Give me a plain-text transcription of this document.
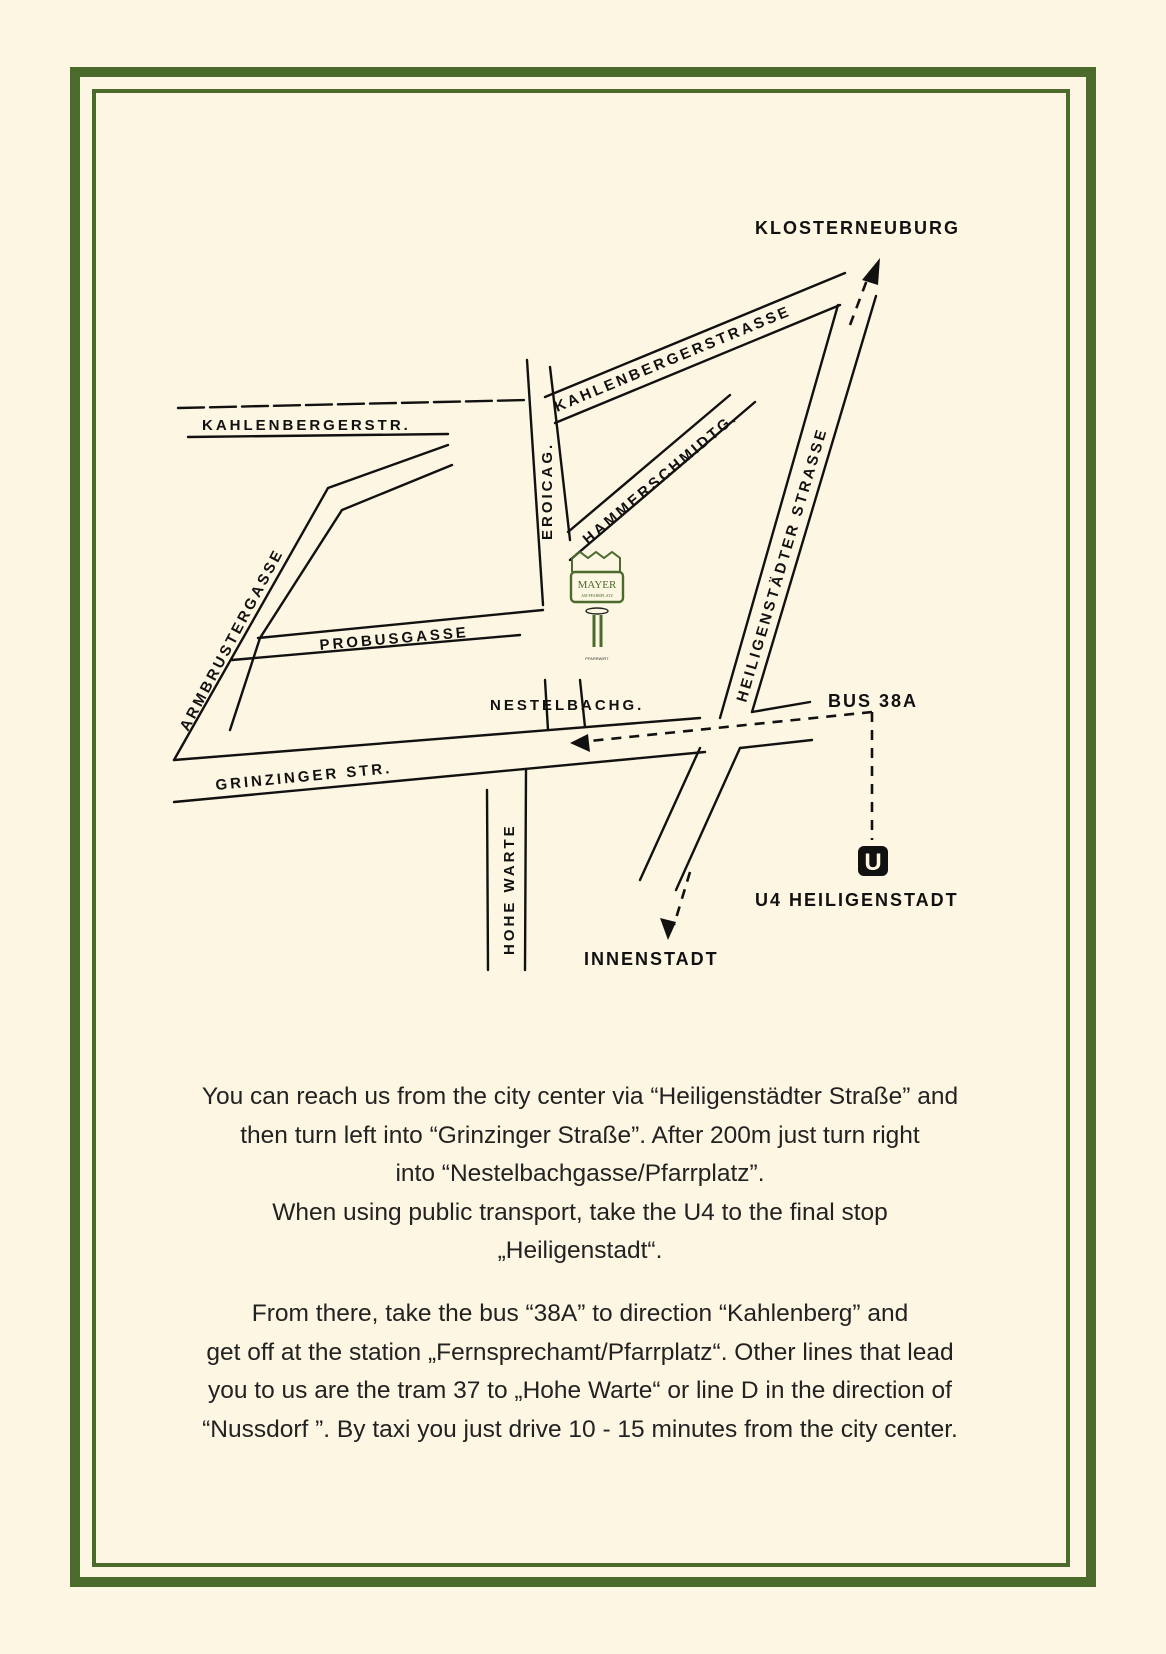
U
KLOSTERNEUBURG
INNENSTADT
U4 HEILIGENSTADT
BUS 38A
KAHLENBERGERSTRASSE
KAHLENBERGERSTR.	HEILIGENSTÄDTER STRASSE
EROICAG. HAMMERSCHMIDTG.
ARMBRUSTERGASSE PROBUSGASSE
NESTELBACHG.
GRINZINGER STR.
HOHE WARTE
MAYER
AM PFARRPLATZ
PFARRWIRT

You can reach us from the city center via “Heiligenstädter Straße” and
then turn left into “Grinzinger Straße”. After 200m just turn right
into “Nestelbachgasse/Pfarrplatz”.
When using public transport, take the U4 to the final stop
„Heiligenstadt“.

From there, take the bus “38A” to direction “Kahlenberg” and
get off at the station „Fernsprechamt/Pfarrplatz“. Other lines that lead
you to us are the tram 37 to „Hohe Warte“ or line D in the direction of
“Nussdorf ”. By taxi you just drive 10 - 15 minutes from the city center.
